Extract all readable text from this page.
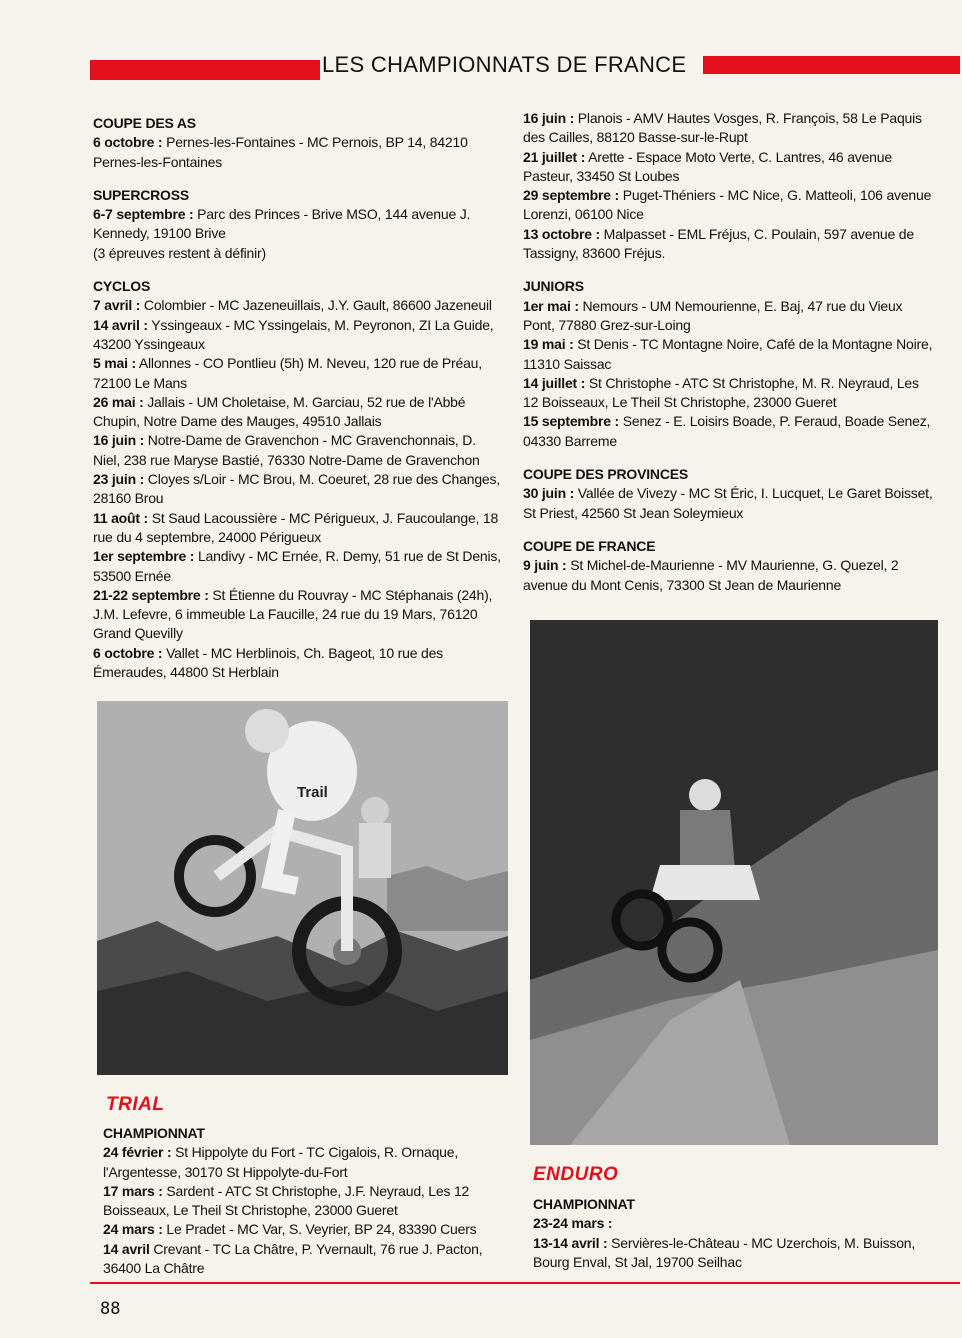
LES CHAMPIONNATS DE FRANCE
COUPE DES AS
6 octobre : Pernes-les-Fontaines - MC Pernois, BP 14, 84210 Pernes-les-Fontaines
SUPERCROSS
6-7 septembre : Parc des Princes - Brive MSO, 144 avenue J. Kennedy, 19100 Brive
(3 épreuves restent à définir)
CYCLOS
7 avril : Colombier - MC Jazeneuillais, J.Y. Gault, 86600 Jazeneuil
14 avril : Yssingeaux - MC Yssingelais, M. Peyronon, ZI La Guide, 43200 Yssingeaux
5 mai : Allonnes - CO Pontlieu (5h) M. Neveu, 120 rue de Préau, 72100 Le Mans
26 mai : Jallais - UM Choletaise, M. Garciau, 52 rue de l'Abbé Chupin, Notre Dame des Mauges, 49510 Jallais
16 juin : Notre-Dame de Gravenchon - MC Gravenchonnais, D. Niel, 238 rue Maryse Bastié, 76330 Notre-Dame de Gravenchon
23 juin : Cloyes s/Loir - MC Brou, M. Coeuret, 28 rue des Changes, 28160 Brou
11 août : St Saud Lacoussière - MC Périgueux, J. Faucoulange, 18 rue du 4 septembre, 24000 Périgueux
1er septembre : Landivy - MC Ernée, R. Demy, 51 rue de St Denis, 53500 Ernée
21-22 septembre : St Étienne du Rouvray - MC Stéphanais (24h), J.M. Lefevre, 6 immeuble La Faucille, 24 rue du 19 Mars, 76120 Grand Quevilly
6 octobre : Vallet - MC Herblinois, Ch. Bageot, 10 rue des Émeraudes, 44800 St Herblain
16 juin : Planois - AMV Hautes Vosges, R. François, 58 Le Paquis des Cailles, 88120 Basse-sur-le-Rupt
21 juillet : Arette - Espace Moto Verte, C. Lantres, 46 avenue Pasteur, 33450 St Loubes
29 septembre : Puget-Théniers - MC Nice, G. Matteoli, 106 avenue Lorenzi, 06100 Nice
13 octobre : Malpasset - EML Fréjus, C. Poulain, 597 avenue de Tassigny, 83600 Fréjus.
JUNIORS
1er mai : Nemours - UM Nemourienne, E. Baj, 47 rue du Vieux Pont, 77880 Grez-sur-Loing
19 mai : St Denis - TC Montagne Noire, Café de la Montagne Noire, 11310 Saissac
14 juillet : St Christophe - ATC St Christophe, M. R. Neyraud, Les 12 Boisseaux, Le Theil St Christophe, 23000 Gueret
15 septembre : Senez - E. Loisirs Boade, P. Feraud, Boade Senez, 04330 Barreme
COUPE DES PROVINCES
30 juin : Vallée de Vivezy - MC St Éric, I. Lucquet, Le Garet Boisset, St Priest, 42560 St Jean Soleymieux
COUPE DE FRANCE
9 juin : St Michel-de-Maurienne - MV Maurienne, G. Quezel, 2 avenue du Mont Cenis, 73300 St Jean de Maurienne
Trail
TRIAL
CHAMPIONNAT
24 février : St Hippolyte du Fort - TC Cigalois, R. Ornaque, l'Argentesse, 30170 St Hippolyte-du-Fort
17 mars : Sardent - ATC St Christophe, J.F. Neyraud, Les 12 Boisseaux, Le Theil St Christophe, 23000 Gueret
24 mars : Le Pradet - MC Var, S. Veyrier, BP 24, 83390 Cuers
14 avril Crevant - TC La Châtre, P. Yvernault, 76 rue J. Pacton, 36400 La Châtre
ENDURO
CHAMPIONNAT
23-24 mars :
13-14 avril : Servières-le-Château - MC Uzerchois, M. Buisson, Bourg Enval, St Jal, 19700 Seilhac
88
